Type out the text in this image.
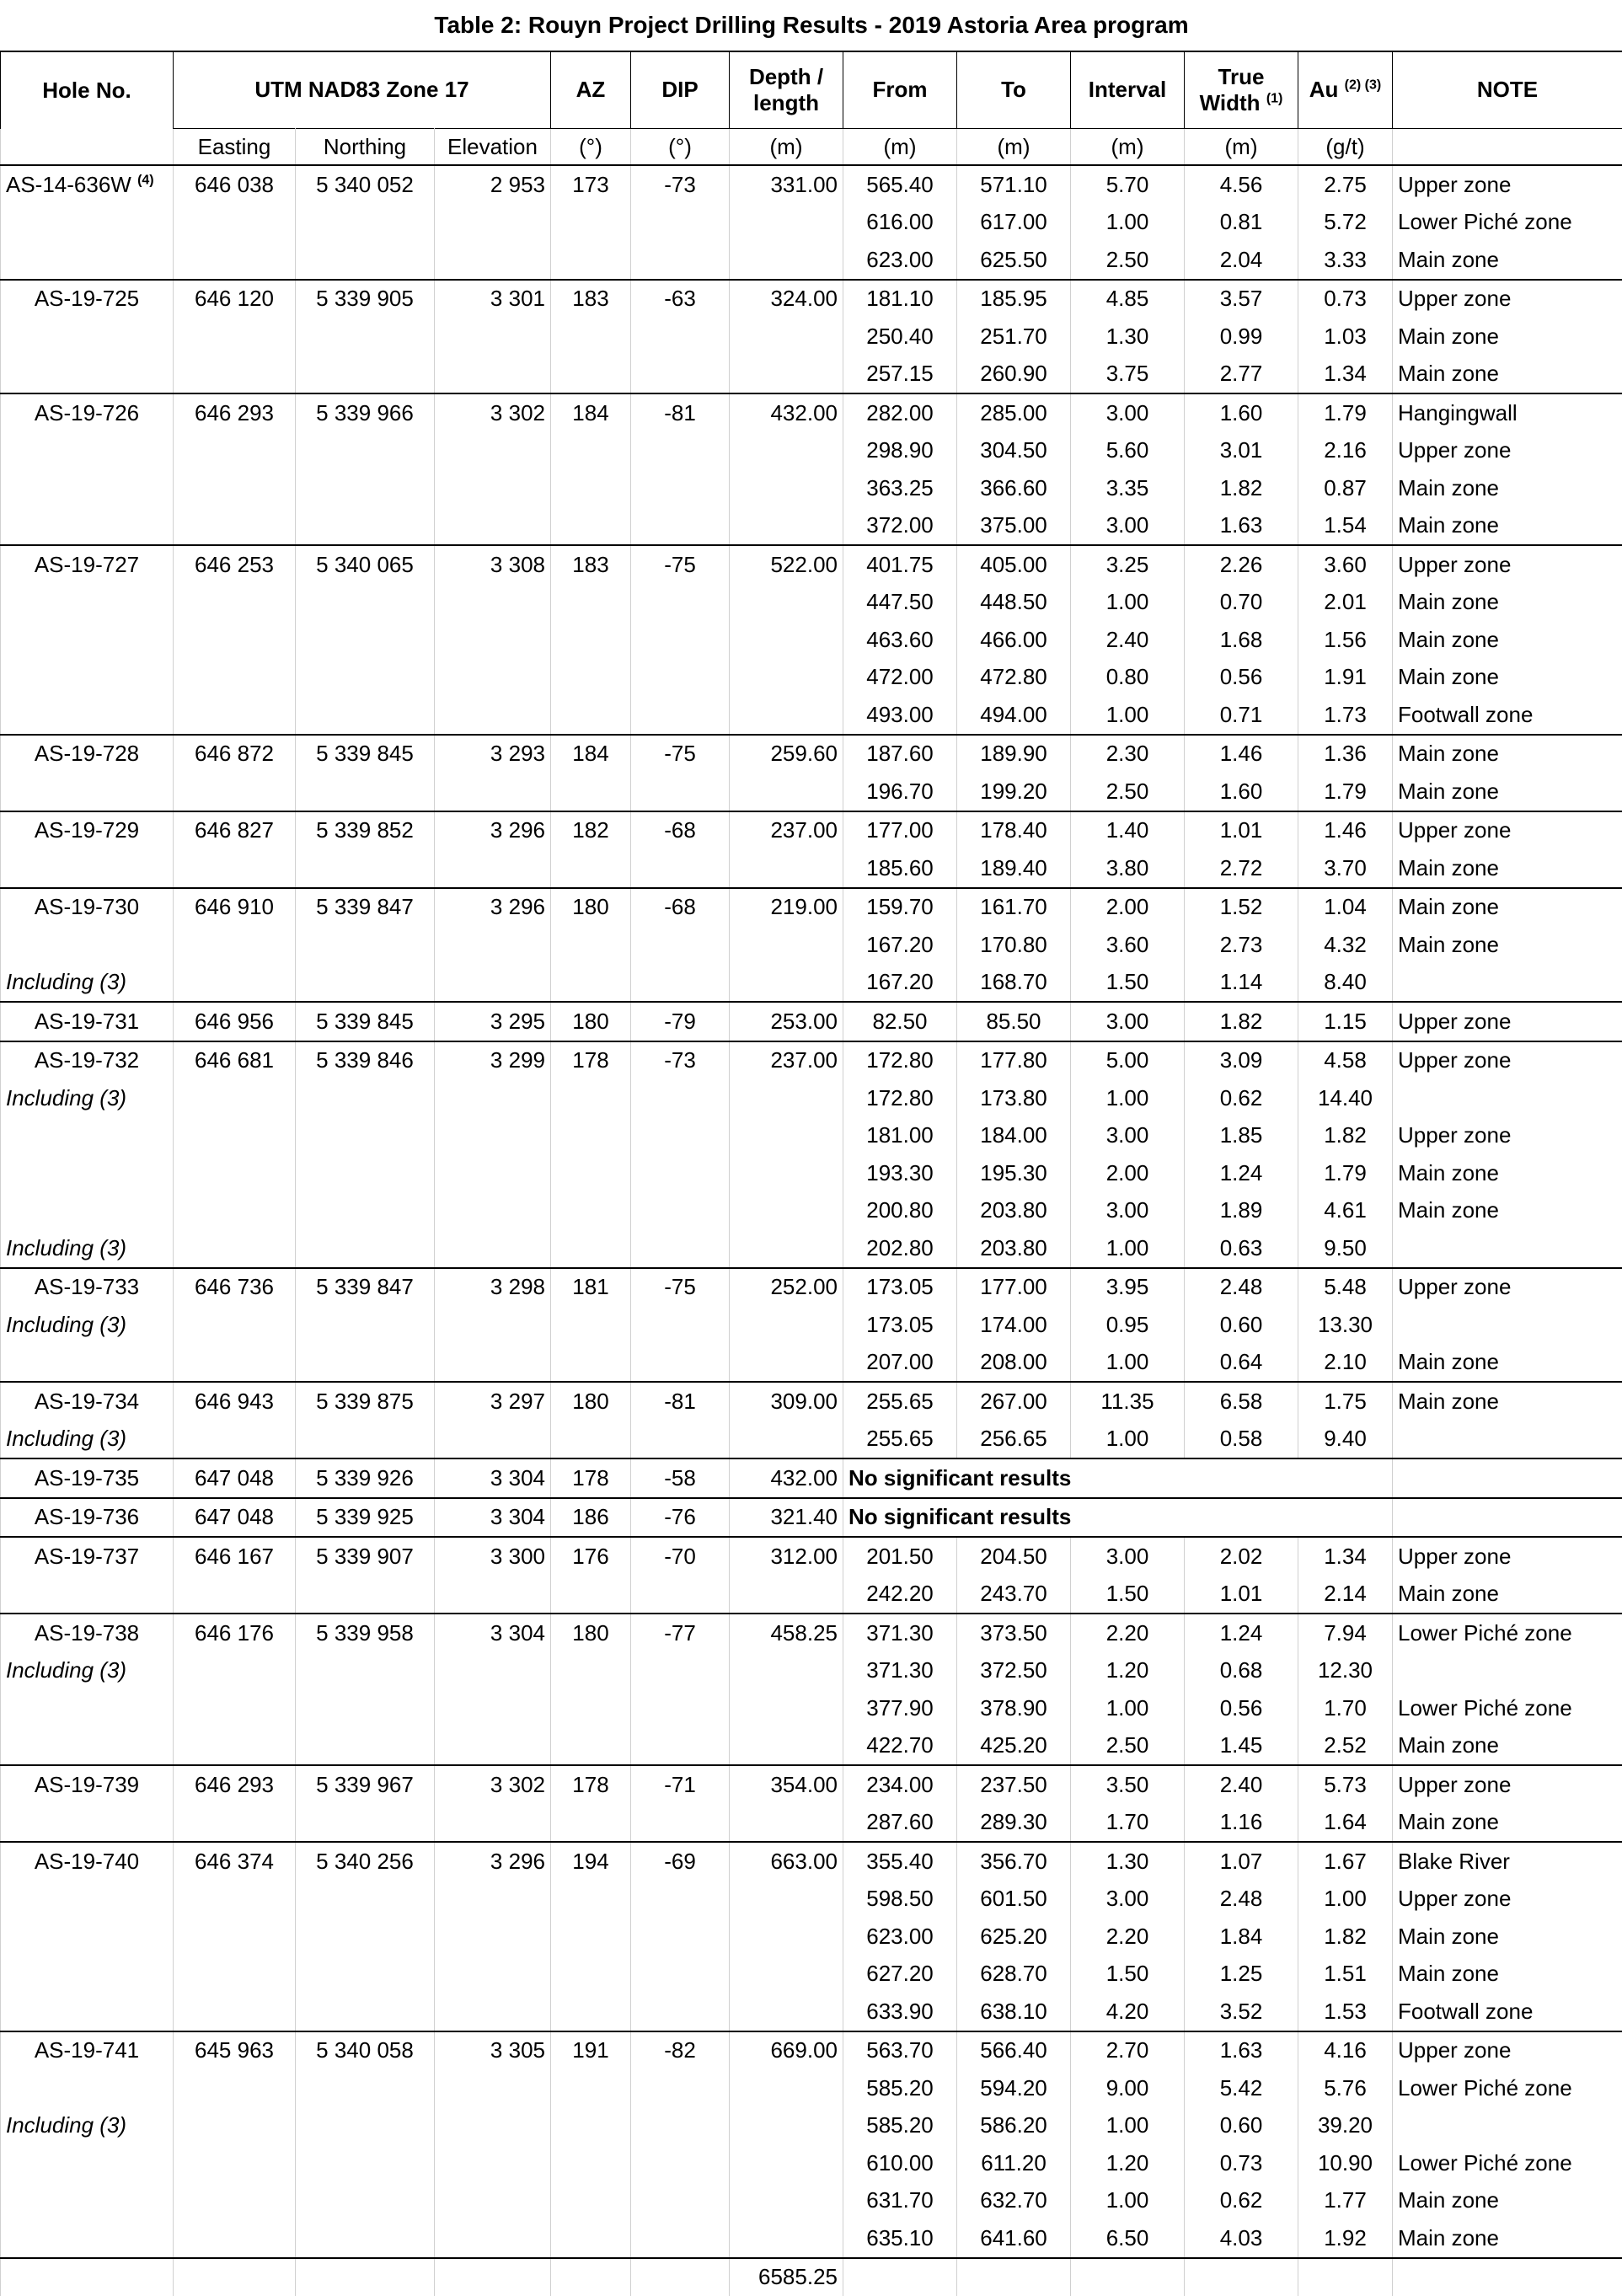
Table 2: Rouyn Project Drilling Results - 2019 Astoria Area program												
Hole No.	UTM NAD83 Zone 17			AZ	DIP	Depth / length	From	To	Interval	True Width $^{(1)}$	Au $^{(2) (3)}$	NOTE
	Easting	Northing	Elevation	(°)	(°)	(m)	(m)	(m)	(m)	(m)	(g/t)	
AS-14-636W $^{(4)}$	646 038	5 340 052	2 953	173	-73	331.00	565.40	571.10	5.70	4.56	2.75	Upper zone
							616.00	617.00	1.00	0.81	5.72	Lower Piché zone
							623.00	625.50	2.50	2.04	3.33	Main zone
AS-19-725	646 120	5 339 905	3 301	183	-63	324.00	181.10	185.95	4.85	3.57	0.73	Upper zone
							250.40	251.70	1.30	0.99	1.03	Main zone
							257.15	260.90	3.75	2.77	1.34	Main zone
AS-19-726	646 293	5 339 966	3 302	184	-81	432.00	282.00	285.00	3.00	1.60	1.79	Hangingwall
							298.90	304.50	5.60	3.01	2.16	Upper zone
							363.25	366.60	3.35	1.82	0.87	Main zone
							372.00	375.00	3.00	1.63	1.54	Main zone
AS-19-727	646 253	5 340 065	3 308	183	-75	522.00	401.75	405.00	3.25	2.26	3.60	Upper zone
							447.50	448.50	1.00	0.70	2.01	Main zone
							463.60	466.00	2.40	1.68	1.56	Main zone
							472.00	472.80	0.80	0.56	1.91	Main zone
							493.00	494.00	1.00	0.71	1.73	Footwall zone
AS-19-728	646 872	5 339 845	3 293	184	-75	259.60	187.60	189.90	2.30	1.46	1.36	Main zone
							196.70	199.20	2.50	1.60	1.79	Main zone
AS-19-729	646 827	5 339 852	3 296	182	-68	237.00	177.00	178.40	1.40	1.01	1.46	Upper zone
							185.60	189.40	3.80	2.72	3.70	Main zone
AS-19-730	646 910	5 339 847	3 296	180	-68	219.00	159.70	161.70	2.00	1.52	1.04	Main zone
							167.20	170.80	3.60	2.73	4.32	Main zone
Including (3)							167.20	168.70	1.50	1.14	8.40	
AS-19-731	646 956	5 339 845	3 295	180	-79	253.00	82.50	85.50	3.00	1.82	1.15	Upper zone
AS-19-732	646 681	5 339 846	3 299	178	-73	237.00	172.80	177.80	5.00	3.09	4.58	Upper zone
Including (3)							172.80	173.80	1.00	0.62	14.40	
							181.00	184.00	3.00	1.85	1.82	Upper zone
							193.30	195.30	2.00	1.24	1.79	Main zone
							200.80	203.80	3.00	1.89	4.61	Main zone
Including (3)							202.80	203.80	1.00	0.63	9.50	
AS-19-733	646 736	5 339 847	3 298	181	-75	252.00	173.05	177.00	3.95	2.48	5.48	Upper zone
Including (3)							173.05	174.00	0.95	0.60	13.30	
							207.00	208.00	1.00	0.64	2.10	Main zone
AS-19-734	646 943	5 339 875	3 297	180	-81	309.00	255.65	267.00	11.35	6.58	1.75	Main zone
Including (3)							255.65	256.65	1.00	0.58	9.40	
AS-19-735	647 048	5 339 926	3 304	178	-58	432.00	No significant results					
AS-19-736	647 048	5 339 925	3 304	186	-76	321.40	No significant results					
AS-19-737	646 167	5 339 907	3 300	176	-70	312.00	201.50	204.50	3.00	2.02	1.34	Upper zone
							242.20	243.70	1.50	1.01	2.14	Main zone
AS-19-738	646 176	5 339 958	3 304	180	-77	458.25	371.30	373.50	2.20	1.24	7.94	Lower Piché zone
Including (3)							371.30	372.50	1.20	0.68	12.30	
							377.90	378.90	1.00	0.56	1.70	Lower Piché zone
							422.70	425.20	2.50	1.45	2.52	Main zone
AS-19-739	646 293	5 339 967	3 302	178	-71	354.00	234.00	237.50	3.50	2.40	5.73	Upper zone
							287.60	289.30	1.70	1.16	1.64	Main zone
AS-19-740	646 374	5 340 256	3 296	194	-69	663.00	355.40	356.70	1.30	1.07	1.67	Blake River
							598.50	601.50	3.00	2.48	1.00	Upper zone
							623.00	625.20	2.20	1.84	1.82	Main zone
							627.20	628.70	1.50	1.25	1.51	Main zone
							633.90	638.10	4.20	3.52	1.53	Footwall zone
AS-19-741	645 963	5 340 058	3 305	191	-82	669.00	563.70	566.40	2.70	1.63	4.16	Upper zone
							585.20	594.20	9.00	5.42	5.76	Lower Piché zone
Including (3)							585.20	586.20	1.00	0.60	39.20	
							610.00	611.20	1.20	0.73	10.90	Lower Piché zone
							631.70	632.70	1.00	0.62	1.77	Main zone
							635.10	641.60	6.50	4.03	1.92	Main zone
						6585.25						
